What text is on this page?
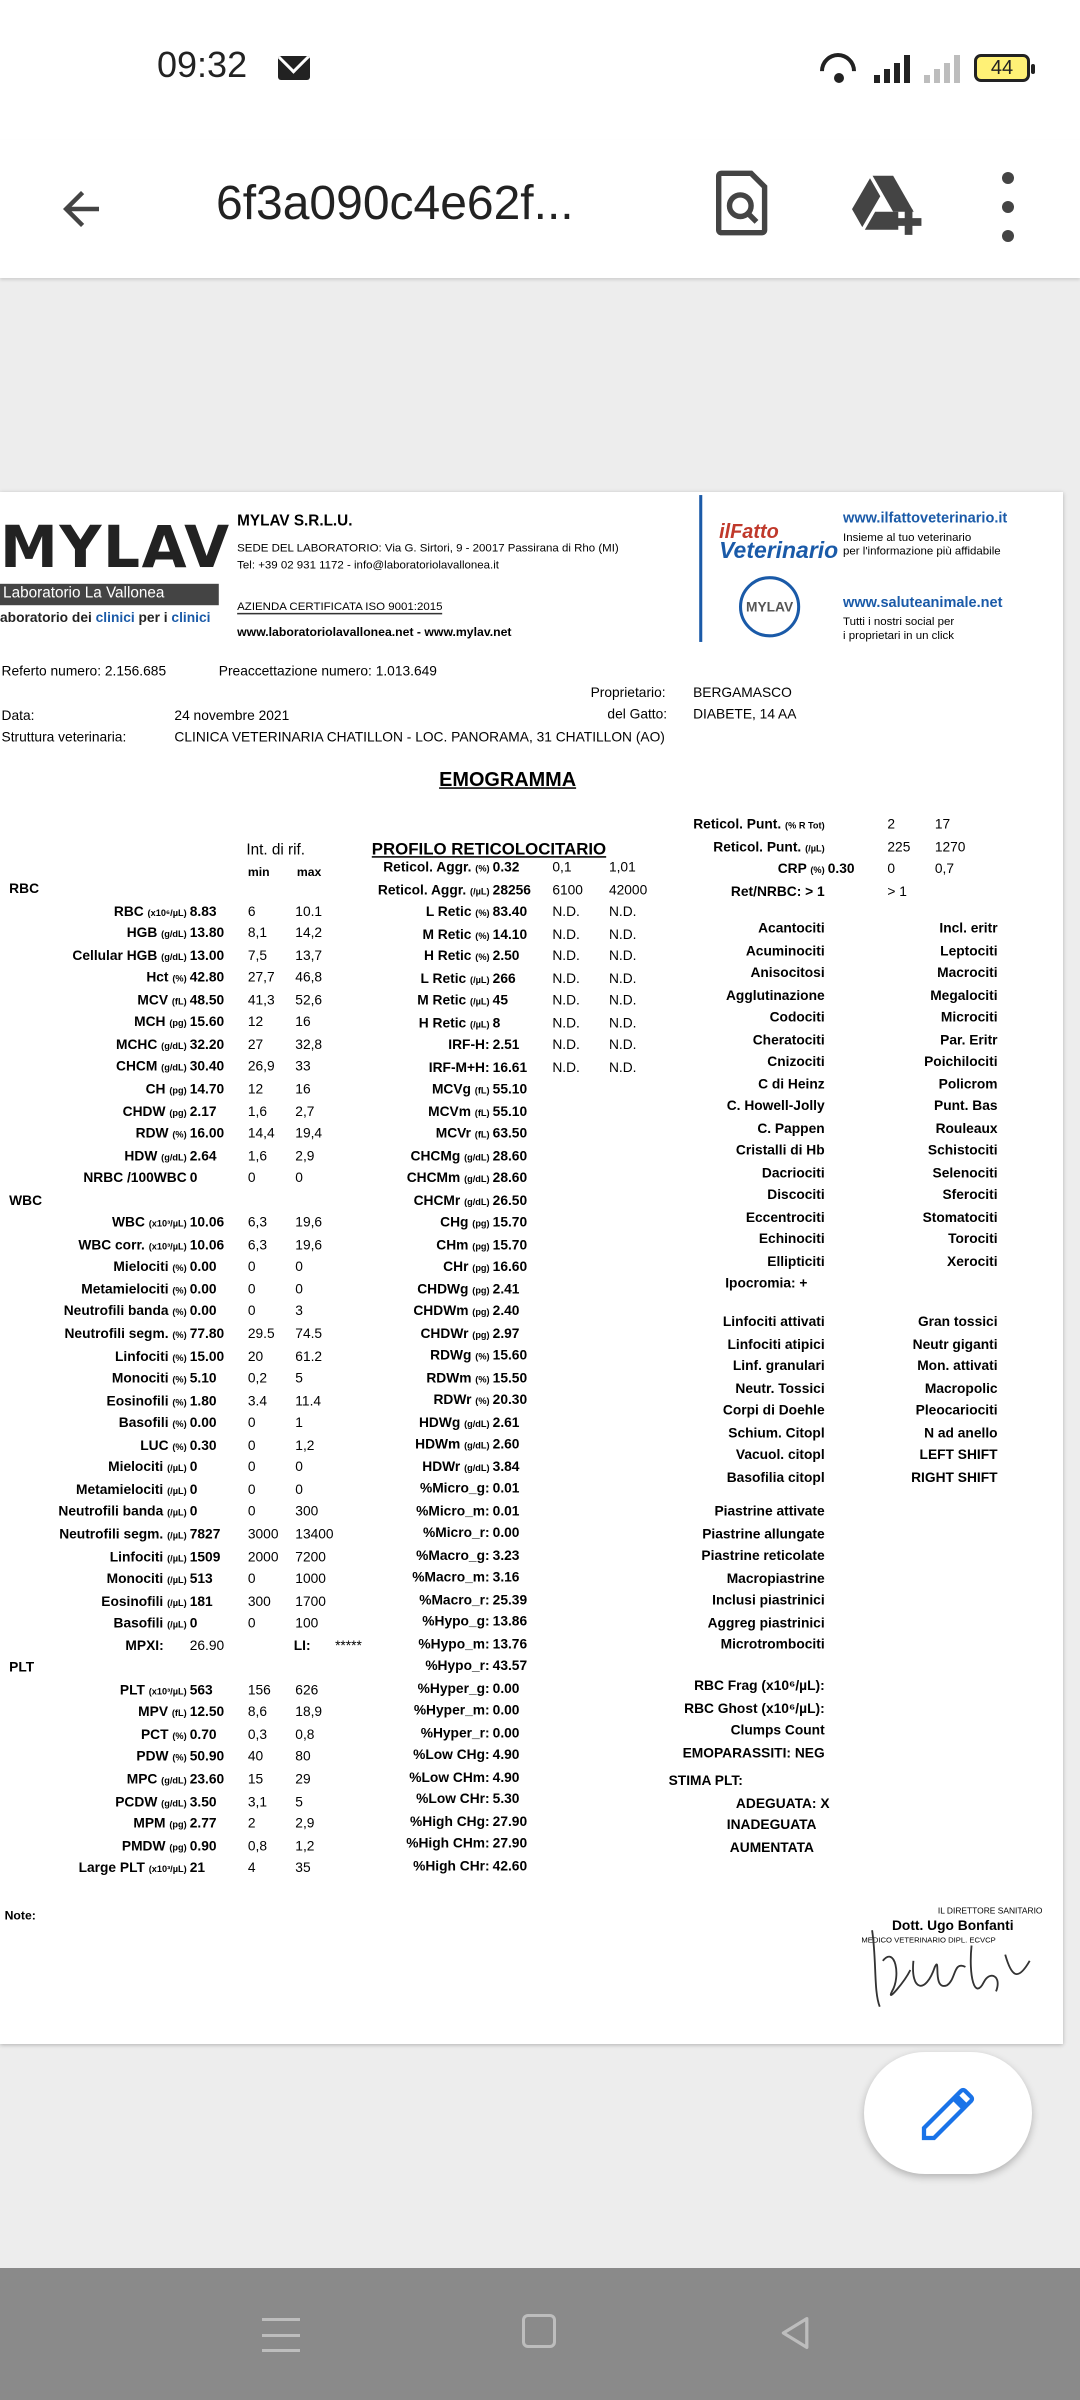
09:32	44
6f3a090c4e62f...
MYLAV
Laboratorio La Vallonea
aboratorio dei clinici per i clinici
MYLAV S.R.L.U.
SEDE DEL LABORATORIO: Via G. Sirtori, 9 - 20017 Passirana di Rho (MI)
Tel: +39 02 931 1172 - info@laboratoriolavallonea.it
AZIENDA CERTIFICATA ISO 9001:2015
www.laboratoriolavallonea.net - www.mylav.net
ilFatto
Veterinario
MYLAV
www.ilfattoveterinario.it
Insieme al tuo veterinario
per l'informazione più affidabile
www.saluteanimale.net
Tutti i nostri social per
i proprietari in un click
Referto numero: 2.156.685	Preaccettazione numero: 1.013.649
Proprietario:	BERGAMASCO
del Gatto:	DIABETE, 14 AA
Data:	24 novembre 2021
Struttura veterinaria:	CLINICA VETERINARIA CHATILLON - LOC. PANORAMA, 31 CHATILLON (AO)
EMOGRAMMA
Int. di rif.
min	max
PROFILO RETICOLOCITARIO
Note:	IL DIRETTORE SANITARIO
Dott. Ugo Bonfanti
MEDICO VETERINARIO DIPL. ECVCP
RBC
RBC (x10⁶/µL) 8.83	6	10.1
HGB (g/dL) 13.80	8,1	14,2
Cellular HGB (g/dL) 13.00	7,5	13,7
Hct (%) 42.80	27,7 46,8
MCV (fL) 48.50	41,3 52,6
MCH (pg) 15.60	12	16
MCHC (g/dL) 32.20	27	32,8
CHCM (g/dL) 30.40	26,9 33
CH (pg) 14.70	12	16
CHDW (pg) 2.17	1,6	2,7
RDW (%) 16.00	14,4 19,4
HDW (g/dL) 2.64	1,6	2,9
NRBC /100WBC 0	0	0
WBC
WBC (x10³/µL) 10.06	6,3	19,6
WBC corr. (x10³/µL) 10.06	6,3	19,6
Mielociti (%) 0.00	0	0
Metamielociti (%) 0.00	0	0
Neutrofili banda (%) 0.00	0	3
Neutrofili segm. (%) 77.80	29.5 74.5
Linfociti (%) 15.00	20	61.2
Monociti (%) 5.10	0,2	5
Eosinofili (%) 1.80	3.4	11.4
Basofili (%) 0.00	0	1
LUC (%) 0.30	0	1,2
Mielociti (/µL) 0	0	0
Metamielociti (/µL) 0	0	0
Neutrofili banda (/µL) 0	0	300
Neutrofili segm. (/µL) 7827	3000 13400
Linfociti (/µL) 1509	2000 7200
Monociti (/µL) 513	0	1000
Eosinofili (/µL) 181	300	1700
Basofili (/µL) 0	0	100
MPXI:	26.90	LI:	*****
PLT
PLT (x10³/µL) 563	156	626
MPV (fL) 12.50	8,6	18,9
PCT (%) 0.70	0,3	0,8
PDW (%) 50.90	40	80
MPC (g/dL) 23.60	15	29
PCDW (g/dL) 3.50	3,1	5
MPM (pg) 2.77	2	2,9
PMDW (pg) 0.90	0,8	1,2
Large PLT (x10³/µL) 21	4	35
Reticol. Aggr. (%) 0.32	0,1	1,01
Reticol. Aggr. (/µL) 28256 6100	42000
L Retic (%) 83.40	N.D.	N.D.
M Retic (%) 14.10	N.D.	N.D.
H Retic (%) 2.50	N.D.	N.D.
L Retic (/µL) 266	N.D.	N.D.
M Retic (/µL) 45	N.D.	N.D.
H Retic (/µL) 8	N.D.	N.D.
IRF-H: 2.51	N.D.	N.D.
IRF-M+H: 16.61	N.D.	N.D.
MCVg (fL) 55.10
MCVm (fL) 55.10
MCVr (fL) 63.50
CHCMg (g/dL) 28.60
CHCMm (g/dL) 28.60
CHCMr (g/dL) 26.50
CHg (pg) 15.70
CHm (pg) 15.70
CHr (pg) 16.60
CHDWg (pg) 2.41
CHDWm (pg) 2.40
CHDWr (pg) 2.97
RDWg (%) 15.60
RDWm (%) 15.50
RDWr (%) 20.30
HDWg (g/dL) 2.61
HDWm (g/dL) 2.60
HDWr (g/dL) 3.84
%Micro_g: 0.01
%Micro_m: 0.01
%Micro_r: 0.00
%Macro_g: 3.23
%Macro_m: 3.16
%Macro_r: 25.39
%Hypo_g: 13.86
%Hypo_m: 13.76
%Hypo_r: 43.57
%Hyper_g: 0.00
%Hyper_m: 0.00
%Hyper_r: 0.00
%Low CHg: 4.90
%Low CHm: 4.90
%Low CHr: 5.30
%High CHg: 27.90
%High CHm: 27.90
%High CHr: 42.60
Reticol. Punt. (% R Tot)	2	17
Reticol. Punt. (/µL)	225	1270
CRP (%) 0.30	0	0,7
Ret/NRBC: > 1	> 1
Acantociti	Incl. eritr
Acuminociti	Leptociti
Anisocitosi	Macrociti
Agglutinazione	Megalociti
Codociti	Microciti
Cheratociti	Par. Eritr
Cnizociti	Poichilociti
C di Heinz	Policrom
C. Howell-Jolly	Punt. Bas
C. Pappen	Rouleaux
Cristalli di Hb	Schistociti
Dacriociti	Selenociti
Discociti	Sferociti
Eccentrociti	Stomatociti
Echinociti	Torociti
Ellipticiti	Xerociti
Ipocromia: +
Linfociti attivati	Gran tossici
Linfociti atipici	Neutr giganti
Linf. granulari	Mon. attivati
Neutr. Tossici	Macropolic
Corpi di Doehle	Pleocariociti
Schium. Citopl	N ad anello
Vacuol. citopl	LEFT SHIFT
Basofilia citopl	RIGHT SHIFT
Piastrine attivate
Piastrine allungate
Piastrine reticolate
Macropiastrine
Inclusi piastrinici
Aggreg piastrinici
Microtrombociti
RBC Frag (x10⁶/µL):
RBC Ghost (x10⁶/µL):
Clumps Count
EMOPARASSITI: NEG
STIMA PLT:
ADEGUATA: X
INADEGUATA
AUMENTATA
